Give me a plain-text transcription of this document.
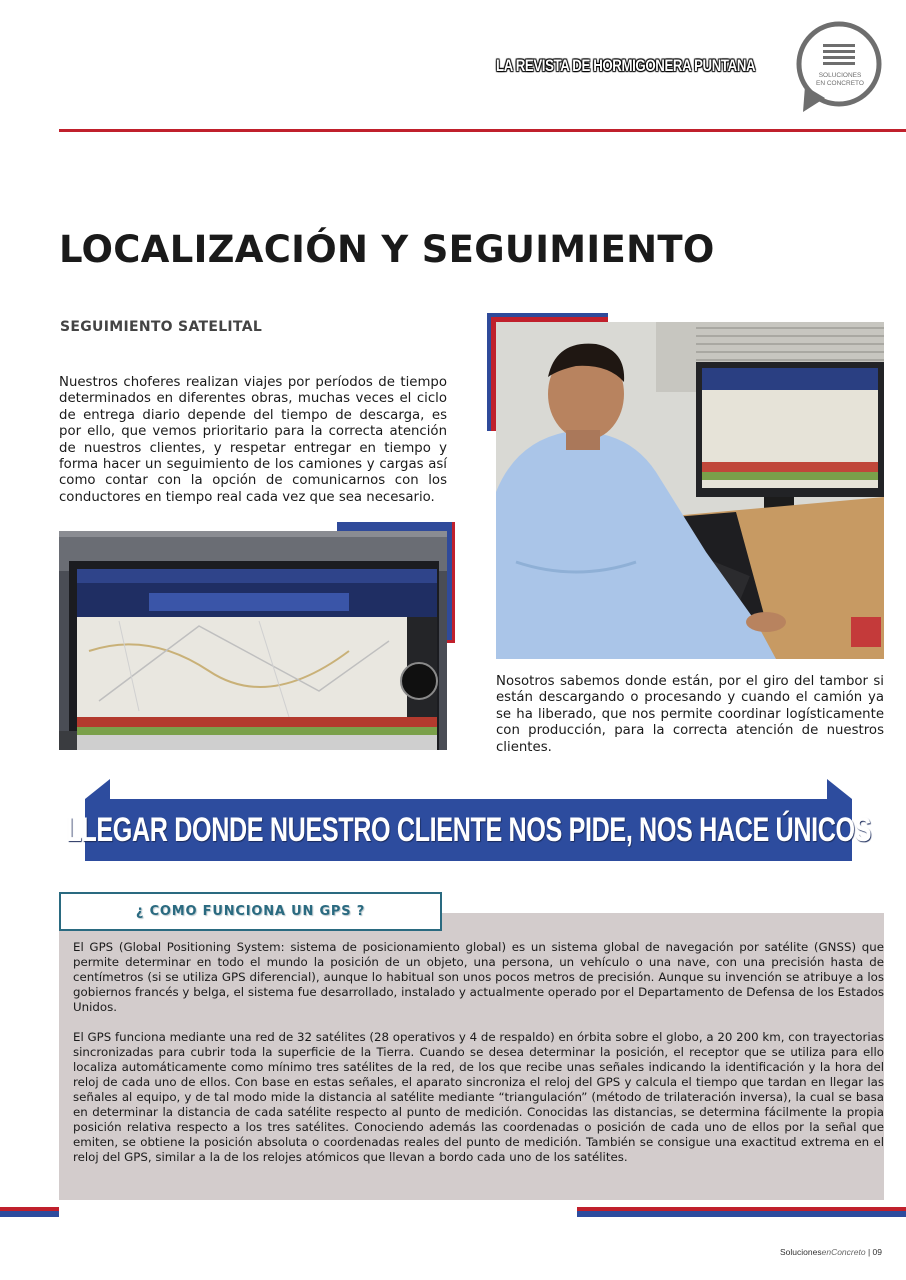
LA REVISTA DE HORMIGONERA PUNTANA
SOLUCIONES
EN CONCRETO
LOCALIZACIÓN Y SEGUIMIENTO
SEGUIMIENTO SATELITAL
Nuestros choferes realizan viajes por períodos de tiempo determinados en diferentes obras, muchas veces el ciclo de entrega diario depende del tiempo de descarga, es por ello, que vemos prioritario para la correcta atención de nuestros clientes, y respetar entregar en tiempo y forma hacer un seguimiento de los camiones y cargas así como contar con la opción de comunicarnos con los conductores en tiempo real cada vez que sea necesario.
Nosotros sabemos donde están, por el giro del tambor si están descargando o procesando y cuando el camión ya se ha liberado, que nos permite coordinar logísticamente con producción, para la correcta atención de nuestros clientes.
LLEGAR DONDE NUESTRO CLIENTE NOS PIDE, NOS HACE ÚNICOS
¿ COMO FUNCIONA UN GPS ?
El GPS (Global Positioning System: sistema de posicionamiento global) es un sistema global de navegación por satélite (GNSS) que permite determinar en todo el mundo la posición de un objeto, una persona, un vehículo o una nave, con una precisión hasta de centímetros (si se utiliza GPS diferencial), aunque lo habitual son unos pocos metros de precisión. Aunque su invención se atribuye a los gobiernos francés y belga, el sistema fue desarrollado, instalado y actualmente operado por el Departamento de Defensa de los Estados Unidos.
El GPS funciona mediante una red de 32 satélites (28 operativos y 4 de respaldo) en órbita sobre el globo, a 20 200 km, con trayectorias sincronizadas para cubrir toda la superficie de la Tierra. Cuando se desea determinar la posición, el receptor que se utiliza para ello localiza automáticamente como mínimo tres satélites de la red, de los que recibe unas señales indicando la identificación y la hora del reloj de cada uno de ellos. Con base en estas señales, el aparato sincroniza el reloj del GPS y calcula el tiempo que tardan en llegar las señales al equipo, y de tal modo mide la distancia al satélite mediante “triangulación” (método de trilateración inversa), la cual se basa en determinar la distancia de cada satélite respecto al punto de medición. Conocidas las distancias, se determina fácilmente la propia posición relativa respecto a los tres satélites. Conociendo además las coordenadas o posición de cada uno de ellos por la señal que emiten, se obtiene la posición absoluta o coordenadas reales del punto de medición. También se consigue una exactitud extrema en el reloj del GPS, similar a la de los relojes atómicos que llevan a bordo cada uno de los satélites.
SolucionesenConcreto | 09
